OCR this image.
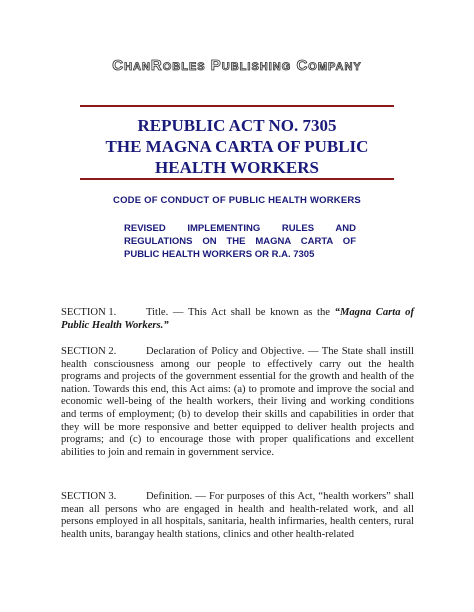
ChanRobles Publishing Company
REPUBLIC ACT NO. 7305
THE MAGNA CARTA OF PUBLIC
HEALTH WORKERS
CODE OF CONDUCT OF PUBLIC HEALTH WORKERS
REVISED IMPLEMENTING RULES AND REGULATIONS ON THE MAGNA CARTA OF PUBLIC HEALTH WORKERS OR R.A. 7305
SECTION 1.	Title. — This Act shall be known as the “Magna Carta of Public Health Workers.”
SECTION 2.	Declaration of Policy and Objective. — The State shall instill health consciousness among our people to effectively carry out the health programs and projects of the government essential for the growth and health of the nation. Towards this end, this Act aims: (a) to promote and improve the social and economic well-being of the health workers, their living and working conditions and terms of employment; (b) to develop their skills and capabilities in order that they will be more responsive and better equipped to deliver health projects and programs; and (c) to encourage those with proper qualifications and excellent abilities to join and remain in government service.
SECTION 3.	Definition. — For purposes of this Act, “health workers” shall mean all persons who are engaged in health and health-related work, and all persons employed in all hospitals, sanitaria, health infirmaries, health centers, rural health units, barangay health stations, clinics and other health-related
